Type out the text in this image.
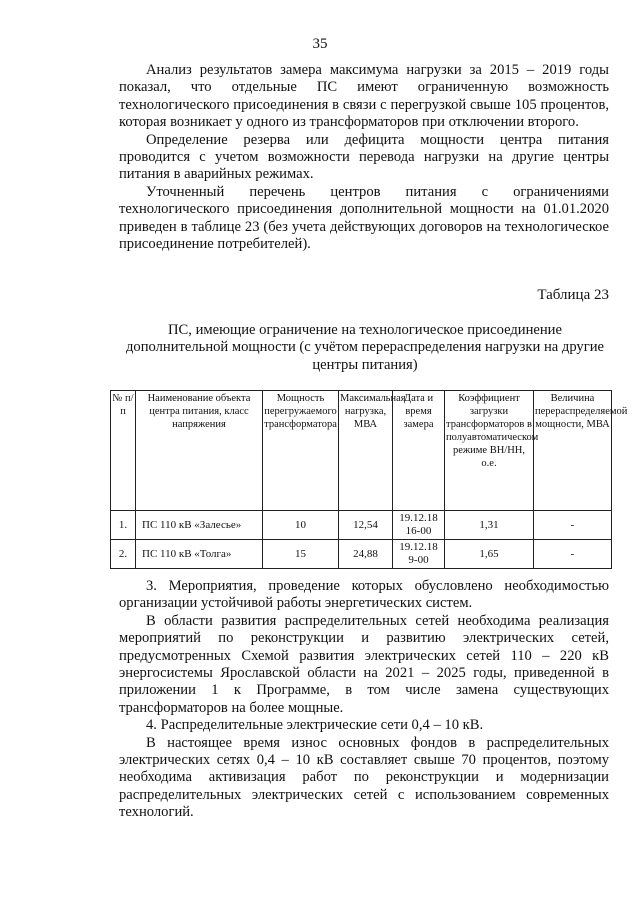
35

Анализ результатов замера максимума нагрузки за 2015 – 2019 годы показал, что отдельные ПС имеют ограниченную возможность технологического присоединения в связи с перегрузкой свыше 105 процентов, которая возникает у одного из трансформаторов при отключении второго.

Определение резерва или дефицита мощности центра питания проводится с учетом возможности перевода нагрузки на другие центры питания в аварийных режимах.

Уточненный перечень центров питания с ограничениями технологического присоединения дополнительной мощности на 01.01.2020 приведен в таблице 23 (без учета действующих договоров на технологическое присоединение потребителей).

Таблица 23
ПС, имеющие ограничение на технологическое присоединение дополнительной мощности (с учётом перераспределения нагрузки на другие центры питания)
№ п/п	Наименование объекта центра питания, класс напряжения	Мощность перегружаемого трансформатора	Максимальная нагрузка, МВА	Дата и время замера	Коэффициент загрузки трансформаторов в полуавтоматическом режиме ВН/НН, о.е.	Величина перераспределяемой мощности, МВА
1.	ПС 110 кВ «Залесье»	10	12,54	19.12.18 16-00	1,31	-
2.	ПС 110 кВ «Толга»	15	24,88	19.12.18 9-00	1,65	-

3. Мероприятия, проведение которых обусловлено необходимостью организации устойчивой работы энергетических систем.

В области развития распределительных сетей необходима реализация мероприятий по реконструкции и развитию электрических сетей, предусмотренных Схемой развития электрических сетей 110 – 220 кВ энергосистемы Ярославской области на 2021 – 2025 годы, приведенной в приложении 1 к Программе, в том числе замена существующих трансформаторов на более мощные.

4. Распределительные электрические сети 0,4 – 10 кВ.

В настоящее время износ основных фондов в распределительных электрических сетях 0,4 – 10 кВ составляет свыше 70 процентов, поэтому необходима активизация работ по реконструкции и модернизации распределительных электрических сетей с использованием современных технологий.
